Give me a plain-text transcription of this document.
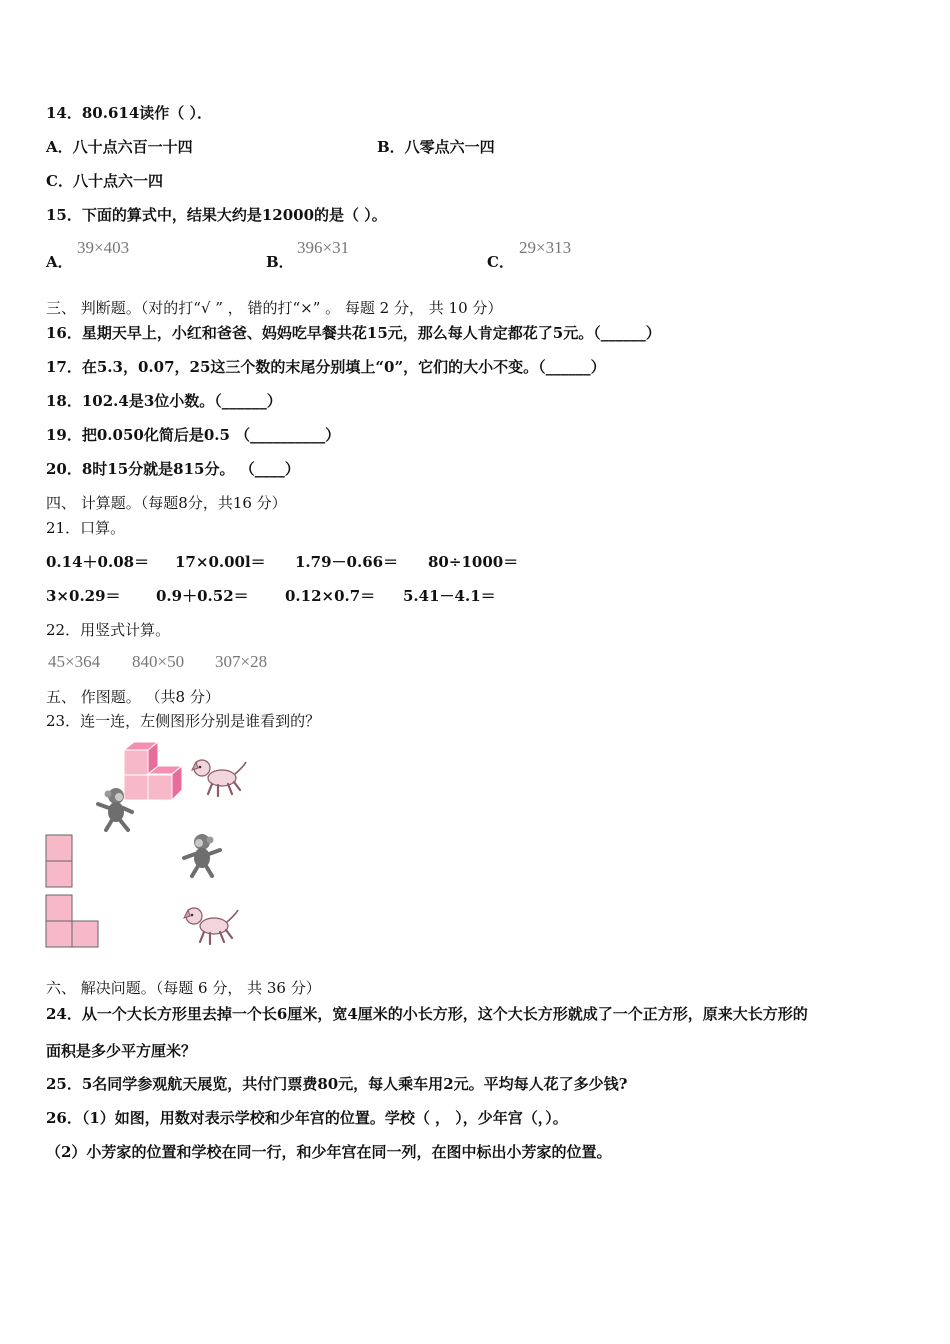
14．80.614读作（ ）．
A．八十点六百一十四	B．八零点六一四
C．八十点六一四
15．下面的算式中，结果大约是12000的是（ ）。
A．
39×403
B．
396×31
C．
29×313
三、 判断题。（对的打“√ ” ， 错的打“×” 。 每题 2 分， 共 10 分）
16．星期天早上，小红和爸爸、妈妈吃早餐共花15元，那么每人肯定都花了5元。（______）
17．在5.3，0.07，25这三个数的末尾分别填上“0”，它们的大小不变。（______）
18．102.4是3位小数。（______）
19．把0.050化简后是0.5 （__________）
20．8时15分就是815分。 （____）
四、 计算题。（每题8分，共16 分）
21．口算。
0.14＋0.08＝ 17×0.00l＝ 1.79－0.66＝ 80÷1000＝
3×0.29＝ 0.9＋0.52＝ 0.12×0.7＝ 5.41－4.1＝
22．用竖式计算。
45×364 840×50 307×28
五、 作图题。 （共8 分）
23．连一连，左侧图形分别是谁看到的？
六、 解决问题。（每题 6 分， 共 36 分）
24．从一个大长方形里去掉一个长6厘米，宽4厘米的小长方形，这个大长方形就成了一个正方形，原来大长方形的
面积是多少平方厘米？
25．5名同学参观航天展览，共付门票费80元，每人乘车用2元。平均每人花了多少钱?
26．（1）如图，用数对表示学校和少年宫的位置。学校（ ， ），少年宫（，）。
（2）小芳家的位置和学校在同一行，和少年宫在同一列，在图中标出小芳家的位置。
